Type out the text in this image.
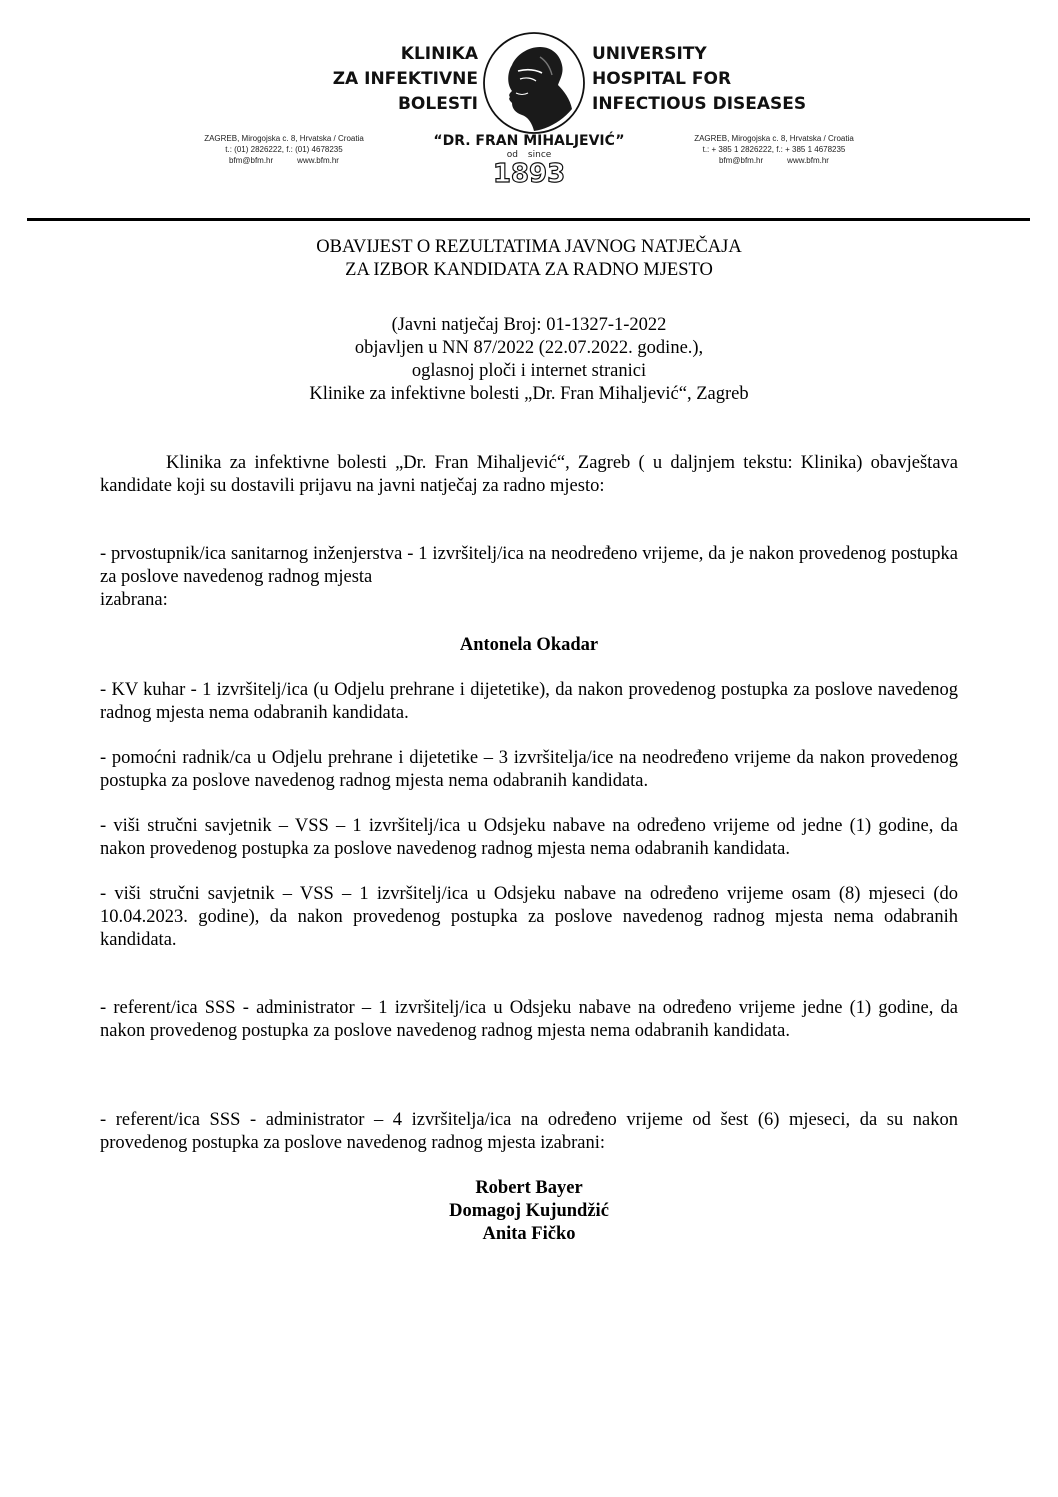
KLINIKA
ZA INFEKTIVNE
BOLESTI
UNIVERSITY
HOSPITAL FOR
INFECTIOUS DISEASES
ZAGREB, Mirogojska c. 8, Hrvatska / Croatia
t.: (01) 2826222, f.: (01) 4678235
bfm@bfm.hr	www.bfm.hr
“DR. FRAN MIHALJEVIĆ”
od since
1893
ZAGREB, Mirogojska c. 8, Hrvatska / Croatia
t.: + 385 1 2826222, f.: + 385 1 4678235
bfm@bfm.hr	www.bfm.hr
OBAVIJEST O REZULTATIMA JAVNOG NATJEČAJA
ZA IZBOR KANDIDATA ZA RADNO MJESTO
(Javni natječaj Broj: 01-1327-1-2022
objavljen u NN 87/2022 (22.07.2022. godine.),
oglasnoj ploči i internet stranici
Klinike za infektivne bolesti „Dr. Fran Mihaljević“, Zagreb

Klinika za infektivne bolesti „Dr. Fran Mihaljević“, Zagreb ( u daljnjem tekstu: Klinika) obavještava kandidate koji su dostavili prijavu na javni natječaj za radno mjesto:

- prvostupnik/ica sanitarnog inženjerstva - 1 izvršitelj/ica na neodređeno vrijeme, da je nakon provedenog postupka za poslove navedenog radnog mjesta

izabrana:

Antonela Okadar

- KV kuhar - 1 izvršitelj/ica (u Odjelu prehrane i dijetetike), da nakon provedenog postupka za poslove navedenog radnog mjesta nema odabranih kandidata.

- pomoćni radnik/ca u Odjelu prehrane i dijetetike – 3 izvršitelja/ice na neodređeno vrijeme da nakon provedenog postupka za poslove navedenog radnog mjesta nema odabranih kandidata.

- viši stručni savjetnik – VSS – 1 izvršitelj/ica u Odsjeku nabave na određeno vrijeme od jedne (1) godine, da nakon provedenog postupka za poslove navedenog radnog mjesta nema odabranih kandidata.

- viši stručni savjetnik – VSS – 1 izvršitelj/ica u Odsjeku nabave na određeno vrijeme osam (8) mjeseci (do 10.04.2023. godine), da nakon provedenog postupka za poslove navedenog radnog mjesta nema odabranih kandidata.

- referent/ica SSS - administrator – 1 izvršitelj/ica u Odsjeku nabave na određeno vrijeme jedne (1) godine, da nakon provedenog postupka za poslove navedenog radnog mjesta nema odabranih kandidata.

- referent/ica SSS - administrator – 4 izvršitelja/ica na određeno vrijeme od šest (6) mjeseci, da su nakon provedenog postupka za poslove navedenog radnog mjesta izabrani:

Robert Bayer
Domagoj Kujundžić
Anita Fičko
